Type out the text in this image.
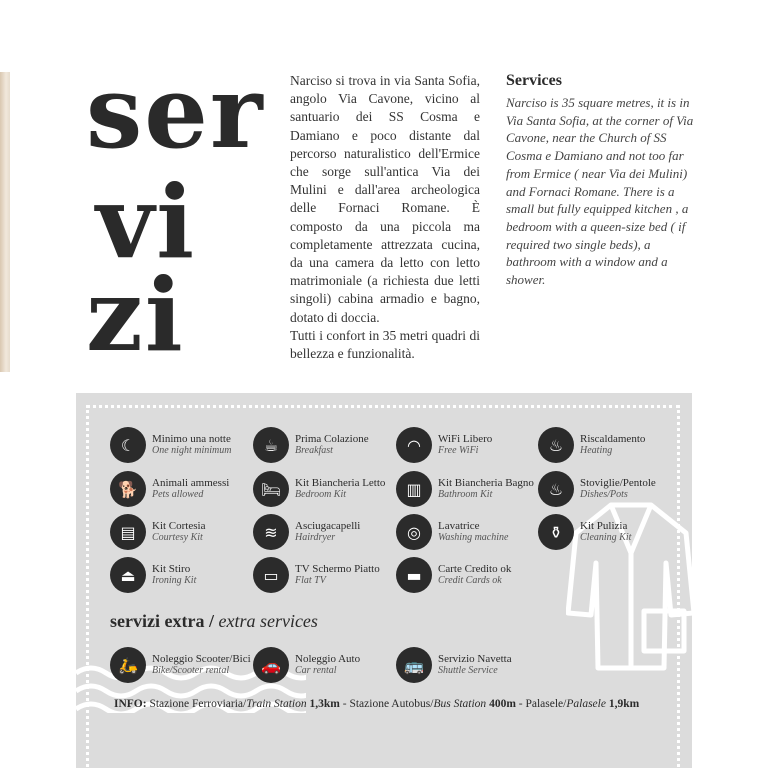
ser
vi
zi

Narciso si trova in via Santa Sofia, angolo Via Cavone, vicino al santuario dei SS Cosma e Damiano e poco distante dal percorso naturalistico dell'Ermice che sorge sull'antica Via dei Mulini e dall'area archeologica delle Fornaci Romane. È composto da una piccola ma completamente attrezzata cucina, da una camera da letto con letto matrimoniale (a richiesta due letti singoli) cabina armadio e bagno, dotato di doccia.

Tutti i confort in 35 metri quadri di bellezza e funzionalità.

Services

Narciso is 35 square metres, it is in Via Santa Sofia, at the corner of Via Cavone, near the Church of SS Cosma e Damiano and not too far from Ermice ( near Via dei Mulini) and Fornaci Romane. There is a small but fully equipped kitchen , a bedroom with a queen-size bed ( if required two single beds), a bathroom with a window and a shower.

☾	Minimo una notte
One night minimum	☕	Prima Colazione
Breakfast	◠	WiFi Libero
Free WiFi	♨	Riscaldamento
Heating
🐕	Animali ammessi
Pets allowed	🛏	Kit Biancheria Letto
Bedroom Kit	▥	Kit Biancheria Bagno
Bathroom Kit	♨	Stoviglie/Pentole
Dishes/Pots
▤	Kit Cortesia
Courtesy Kit	≋	Asciugacapelli
Hairdryer	◎	Lavatrice
Washing machine	⚱	Kit Pulizia
Cleaning Kit
⏏	Kit Stiro
Ironing Kit	▭	TV Schermo Piatto
Flat TV	▬	Carte Credito ok
Credit Cards ok
servizi extra / extra services
🛵	Noleggio Scooter/Bici
Bike/Scooter rental	🚗	Noleggio Auto
Car rental	🚌	Servizio Navetta
Shuttle Service
INFO: Stazione Ferroviaria/Train Station 1,3km - Stazione Autobus/Bus Station 400m - Palasele/Palasele 1,9km
